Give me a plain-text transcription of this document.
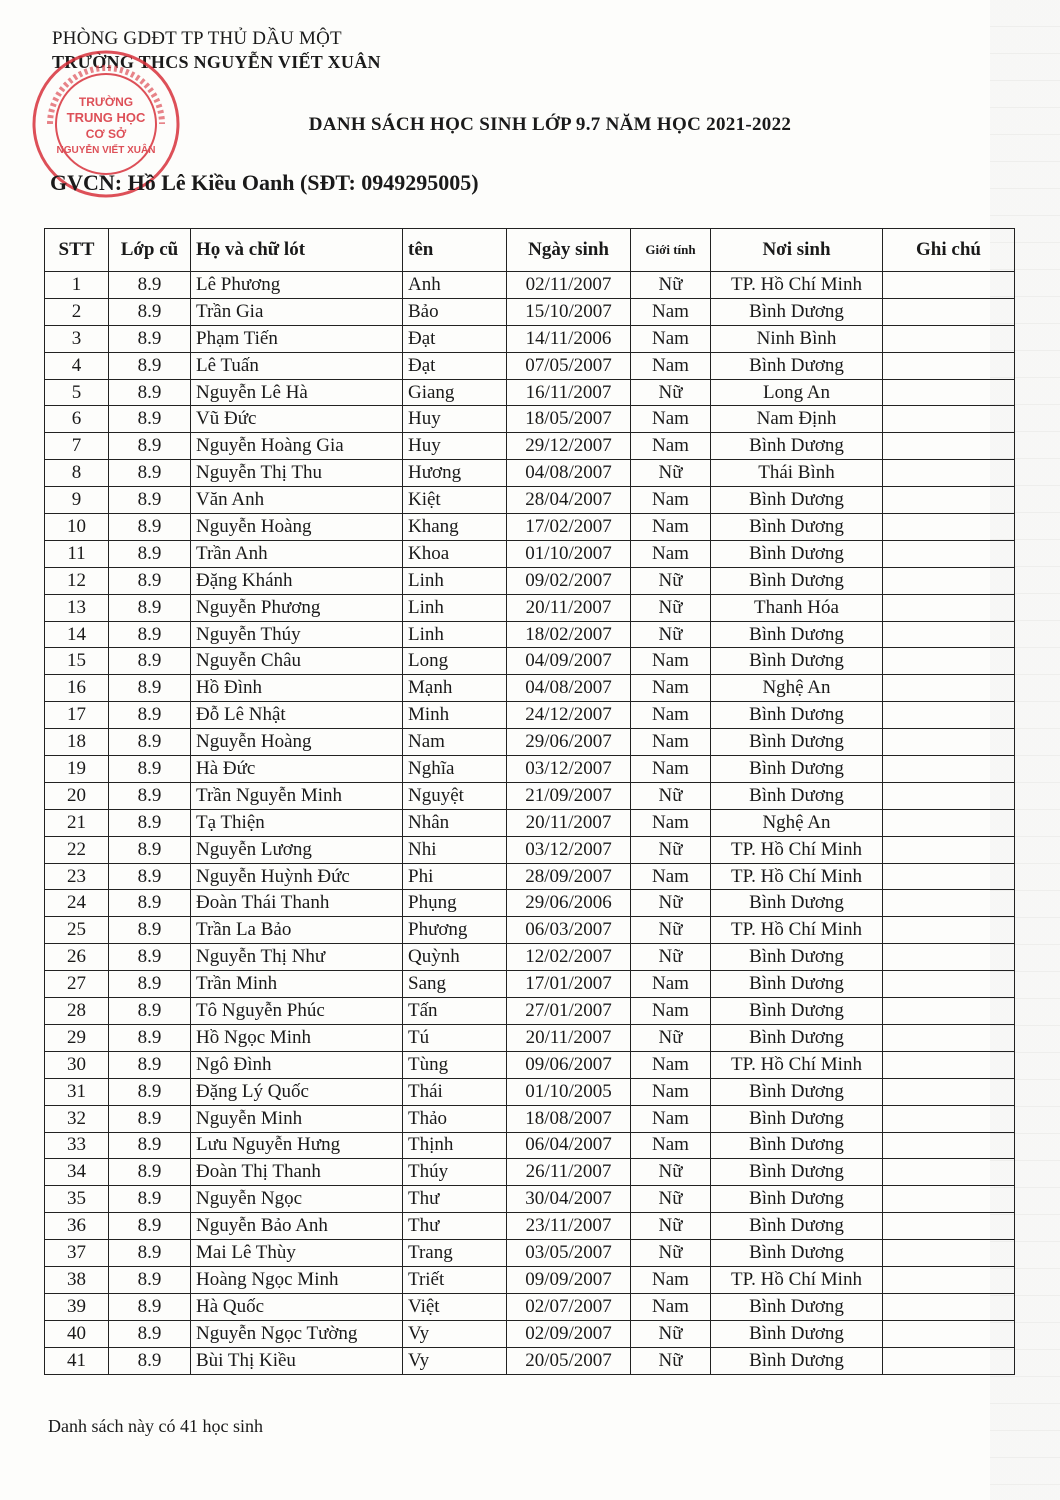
PHÒNG GDĐT TP THỦ DẦU MỘT
TRƯỜNG THCS NGUYỄN VIẾT XUÂN
TRƯỜNG
TRUNG HỌC
CƠ SỞ
NGUYỄN VIẾT XUÂN
DANH SÁCH HỌC SINH LỚP 9.7 NĂM HỌC 2021-2022
GVCN: Hồ Lê Kiều Oanh (SĐT: 0949295005)
STT	Lớp cũ	Họ và chữ lót	tên	Ngày sinh	Giới tính	Nơi sinh	Ghi chú
1	8.9	Lê Phương	Anh	02/11/2007	Nữ	TP. Hồ Chí Minh	
2	8.9	Trần Gia	Bảo	15/10/2007	Nam	Bình Dương	
3	8.9	Phạm Tiến	Đạt	14/11/2006	Nam	Ninh Bình	
4	8.9	Lê Tuấn	Đạt	07/05/2007	Nam	Bình Dương	
5	8.9	Nguyễn Lê Hà	Giang	16/11/2007	Nữ	Long An	
6	8.9	Vũ Đức	Huy	18/05/2007	Nam	Nam Định	
7	8.9	Nguyễn Hoàng Gia	Huy	29/12/2007	Nam	Bình Dương	
8	8.9	Nguyễn Thị Thu	Hương	04/08/2007	Nữ	Thái Bình	
9	8.9	Văn Anh	Kiệt	28/04/2007	Nam	Bình Dương	
10	8.9	Nguyễn Hoàng	Khang	17/02/2007	Nam	Bình Dương	
11	8.9	Trần Anh	Khoa	01/10/2007	Nam	Bình Dương	
12	8.9	Đặng Khánh	Linh	09/02/2007	Nữ	Bình Dương	
13	8.9	Nguyễn Phương	Linh	20/11/2007	Nữ	Thanh Hóa	
14	8.9	Nguyễn Thúy	Linh	18/02/2007	Nữ	Bình Dương	
15	8.9	Nguyễn Châu	Long	04/09/2007	Nam	Bình Dương	
16	8.9	Hồ Đình	Mạnh	04/08/2007	Nam	Nghệ An	
17	8.9	Đỗ Lê Nhật	Minh	24/12/2007	Nam	Bình Dương	
18	8.9	Nguyễn Hoàng	Nam	29/06/2007	Nam	Bình Dương	
19	8.9	Hà Đức	Nghĩa	03/12/2007	Nam	Bình Dương	
20	8.9	Trần Nguyễn Minh	Nguyệt	21/09/2007	Nữ	Bình Dương	
21	8.9	Tạ Thiện	Nhân	20/11/2007	Nam	Nghệ An	
22	8.9	Nguyễn Lương	Nhi	03/12/2007	Nữ	TP. Hồ Chí Minh	
23	8.9	Nguyễn Huỳnh Đức	Phi	28/09/2007	Nam	TP. Hồ Chí Minh	
24	8.9	Đoàn Thái Thanh	Phụng	29/06/2006	Nữ	Bình Dương	
25	8.9	Trần La Bảo	Phương	06/03/2007	Nữ	TP. Hồ Chí Minh	
26	8.9	Nguyễn Thị Như	Quỳnh	12/02/2007	Nữ	Bình Dương	
27	8.9	Trần Minh	Sang	17/01/2007	Nam	Bình Dương	
28	8.9	Tô Nguyễn Phúc	Tấn	27/01/2007	Nam	Bình Dương	
29	8.9	Hồ Ngọc Minh	Tú	20/11/2007	Nữ	Bình Dương	
30	8.9	Ngô Đình	Tùng	09/06/2007	Nam	TP. Hồ Chí Minh	
31	8.9	Đặng Lý Quốc	Thái	01/10/2005	Nam	Bình Dương	
32	8.9	Nguyễn Minh	Thảo	18/08/2007	Nam	Bình Dương	
33	8.9	Lưu Nguyễn Hưng	Thịnh	06/04/2007	Nam	Bình Dương	
34	8.9	Đoàn Thị Thanh	Thúy	26/11/2007	Nữ	Bình Dương	
35	8.9	Nguyễn Ngọc	Thư	30/04/2007	Nữ	Bình Dương	
36	8.9	Nguyễn Bảo Anh	Thư	23/11/2007	Nữ	Bình Dương	
37	8.9	Mai Lê Thùy	Trang	03/05/2007	Nữ	Bình Dương	
38	8.9	Hoàng Ngọc Minh	Triết	09/09/2007	Nam	TP. Hồ Chí Minh	
39	8.9	Hà Quốc	Việt	02/07/2007	Nam	Bình Dương	
40	8.9	Nguyễn Ngọc Tường	Vy	02/09/2007	Nữ	Bình Dương	
41	8.9	Bùi Thị Kiều	Vy	20/05/2007	Nữ	Bình Dương	
Danh sách này có 41 học sinh
